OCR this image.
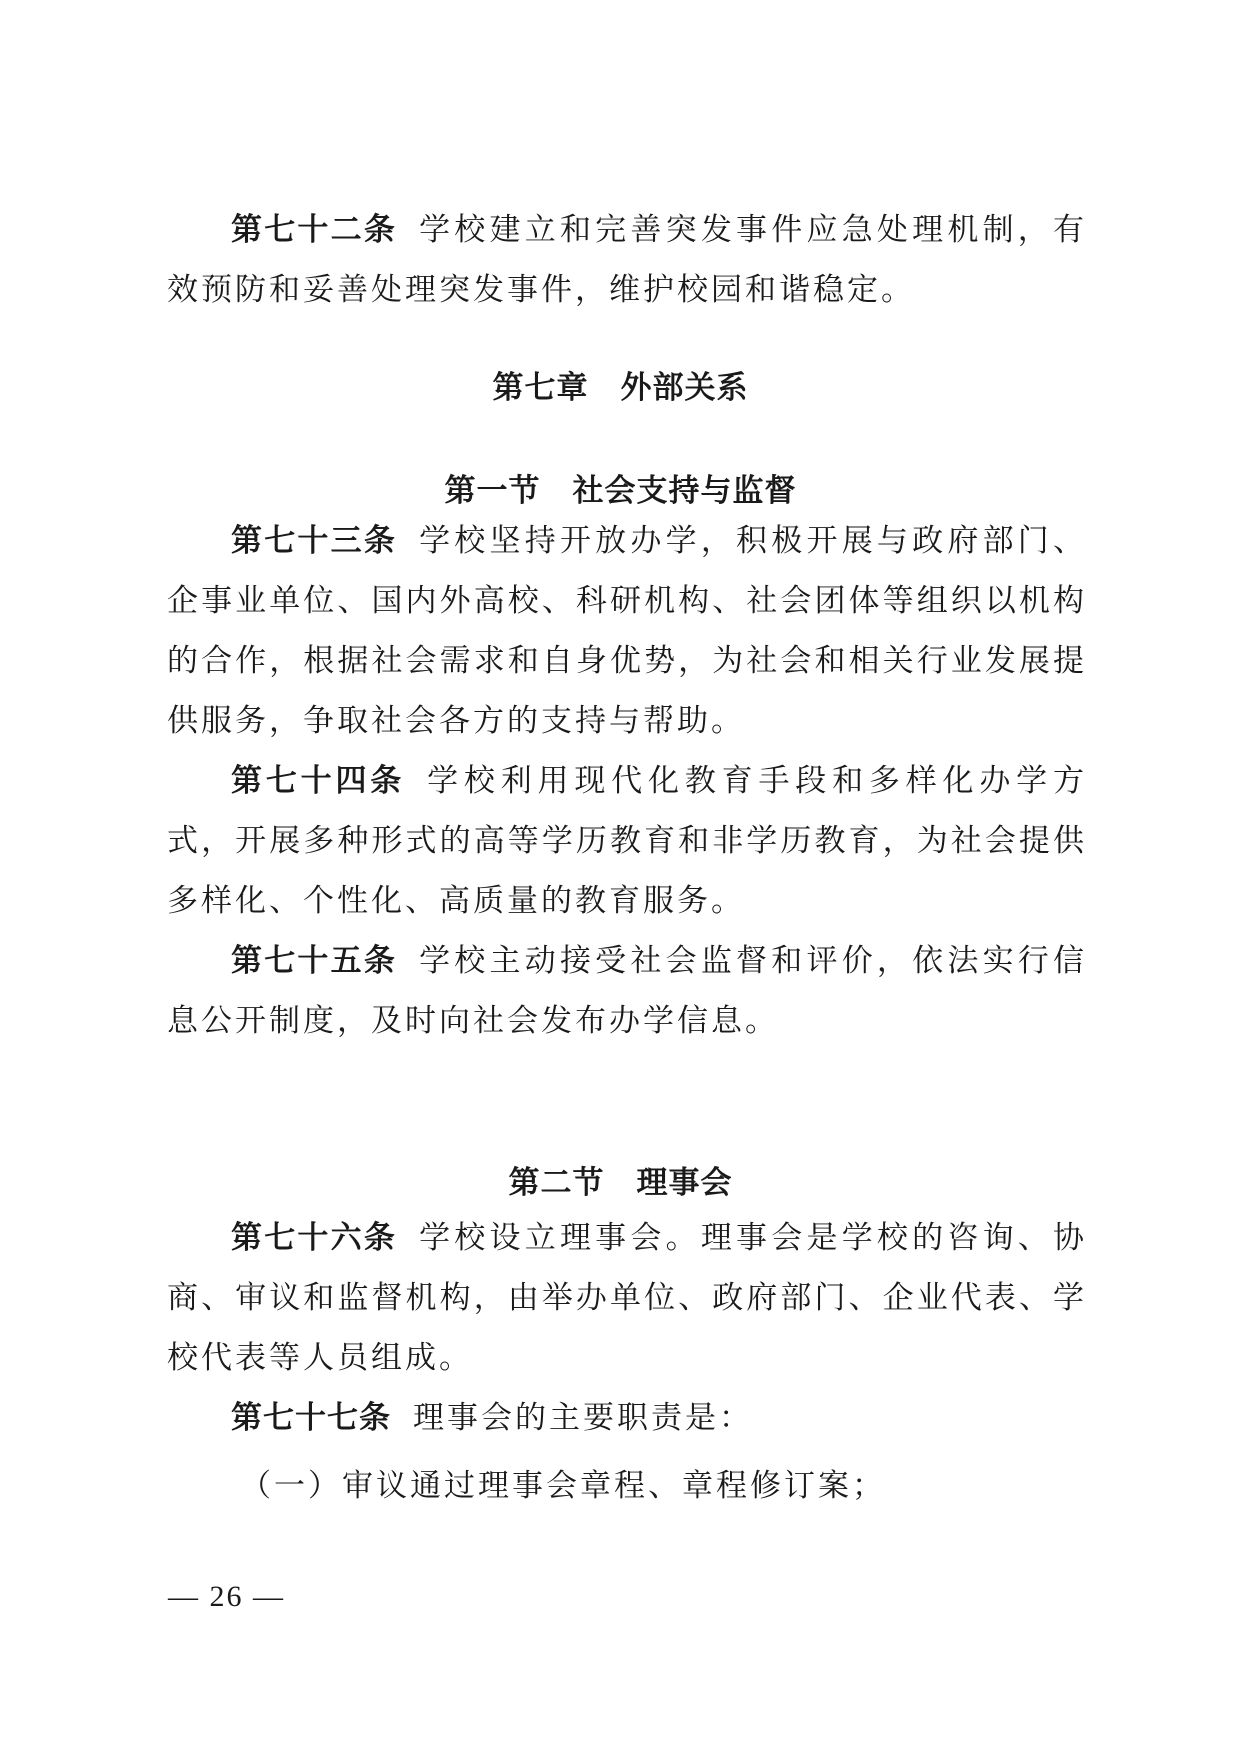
第七十二条 学校建立和完善突发事件应急处理机制，有效预防和妥善处理突发事件，维护校园和谐稳定。

第七章 外部关系
第一节 社会支持与监督

第七十三条 学校坚持开放办学，积极开展与政府部门、企事业单位、国内外高校、科研机构、社会团体等组织以机构的合作，根据社会需求和自身优势，为社会和相关行业发展提供服务，争取社会各方的支持与帮助。

第七十四条 学校利用现代化教育手段和多样化办学方式，开展多种形式的高等学历教育和非学历教育，为社会提供多样化、个性化、高质量的教育服务。

第七十五条 学校主动接受社会监督和评价，依法实行信息公开制度，及时向社会发布办学信息。

第二节 理事会

第七十六条 学校设立理事会。理事会是学校的咨询、协商、审议和监督机构，由举办单位、政府部门、企业代表、学校代表等人员组成。

第七十七条 理事会的主要职责是：

（一）审议通过理事会章程、章程修订案；

— 26 —
